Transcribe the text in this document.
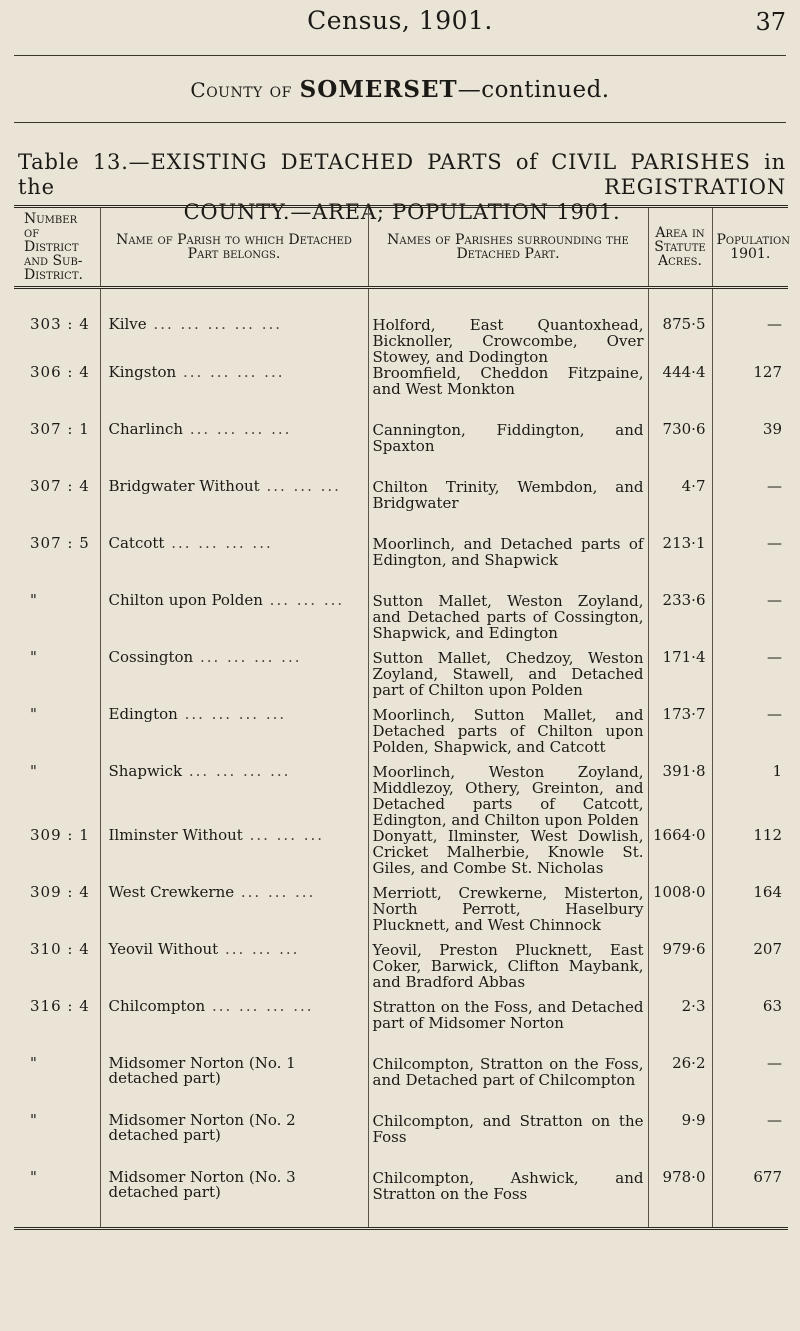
Census, 1901.	37
County of SOMERSET—continued.
Table 13.—EXISTING DETACHED PARTS of CIVIL PARISHES in the REGISTRATION
COUNTY.—AREA; POPULATION 1901.
Number of District and Sub-District.	Name of Parish to which Detached Part belongs.	Names of Parishes surrounding the Detached Part.	Area in Statute Acres.	Population 1901.
303 : 4	Kilve ... ... ... ... ...	Holford, East Quantoxhead, Bicknoller, Crowcombe, Over Stowey, and Dodington	875·5	—
306 : 4	Kingston ... ... ... ...	Broomfield, Cheddon Fitzpaine, and West Monkton	444·4	127
307 : 1	Charlinch ... ... ... ...	Cannington, Fiddington, and Spaxton	730·6	39
307 : 4	Bridgwater Without ... ... ...	Chilton Trinity, Wembdon, and Bridgwater	4·7	—
307 : 5	Catcott ... ... ... ...	Moorlinch, and Detached parts of Edington, and Shapwick	213·1	—
"	Chilton upon Polden ... ... ...	Sutton Mallet, Weston Zoyland, and Detached parts of Cossington, Shapwick, and Edington	233·6	—
"	Cossington ... ... ... ...	Sutton Mallet, Chedzoy, Weston Zoyland, Stawell, and Detached part of Chilton upon Polden	171·4	—
"	Edington ... ... ... ...	Moorlinch, Sutton Mallet, and Detached parts of Chilton upon Polden, Shapwick, and Catcott	173·7	—
"	Shapwick ... ... ... ...	Moorlinch, Weston Zoyland, Middlezoy, Othery, Greinton, and Detached parts of Catcott, Edington, and Chilton upon Polden	391·8	1
309 : 1	Ilminster Without ... ... ...	Donyatt, Ilminster, West Dowlish, Cricket Malherbie, Knowle St. Giles, and Combe St. Nicholas	1664·0	112
309 : 4	West Crewkerne ... ... ...	Merriott, Crewkerne, Misterton, North Perrott, Haselbury Plucknett, and West Chinnock	1008·0	164
310 : 4	Yeovil Without ... ... ...	Yeovil, Preston Plucknett, East Coker, Barwick, Clifton Maybank, and Bradford Abbas	979·6	207
316 : 4	Chilcompton ... ... ... ...	Stratton on the Foss, and Detached part of Midsomer Norton	2·3	63
"	Midsomer Norton (No. 1 detached part)	Chilcompton, Stratton on the Foss, and Detached part of Chilcompton	26·2	—
"	Midsomer Norton (No. 2 detached part)	Chilcompton, and Stratton on the Foss	9·9	—
"	Midsomer Norton (No. 3 detached part)	Chilcompton, Ashwick, and Stratton on the Foss	978·0	677
